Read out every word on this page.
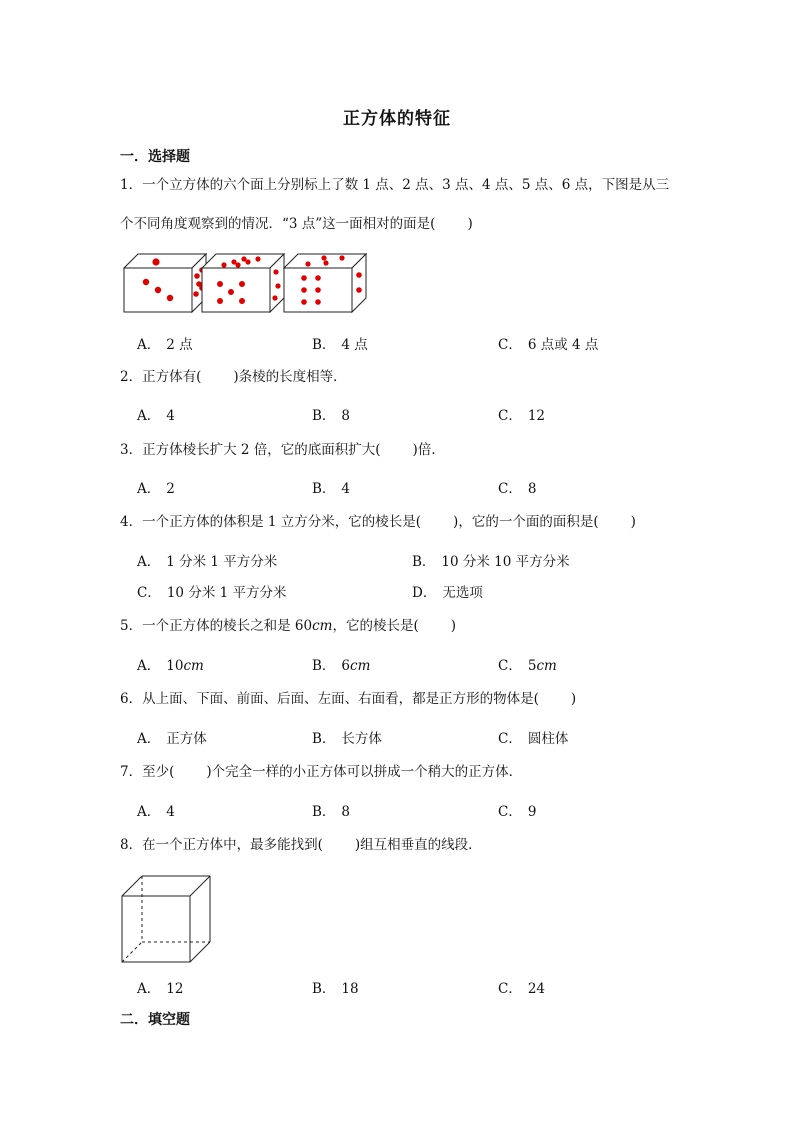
正方体的特征
一．选择题
1．一个立方体的六个面上分别标上了数 1 点、2 点、3 点、4 点、5 点、6 点，下图是从三
个不同角度观察到的情况．“3 点”这一面相对的面是( )
A． 2 点	B． 4 点	C． 6 点或 4 点
2．正方体有( )条棱的长度相等．
A． 4	B． 8	C． 12
3．正方体棱长扩大 2 倍，它的底面积扩大( )倍．
A． 2	B． 4	C． 8
4．一个正方体的体积是 1 立方分米，它的棱长是( )，它的一个面的面积是( )
A． 1 分米 1 平方分米	B． 10 分米 10 平方分米
C． 10 分米 1 平方分米	D． 无选项
5．一个正方体的棱长之和是 60cm，它的棱长是( )
A． 10cm	B． 6cm	C． 5cm
6．从上面、下面、前面、后面、左面、右面看，都是正方形的物体是( )
A． 正方体	B． 长方体	C． 圆柱体
7．至少( )个完全一样的小正方体可以拼成一个稍大的正方体．
A． 4	B． 8	C． 9
8．在一个正方体中，最多能找到( )组互相垂直的线段．
A． 12	B． 18	C． 24
二．填空题
